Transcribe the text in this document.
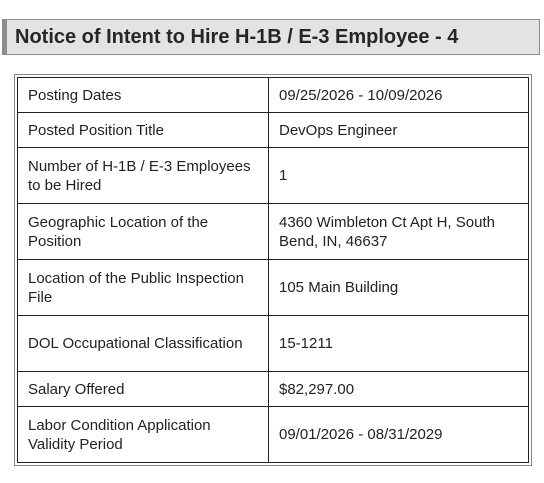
Notice of Intent to Hire H-1B / E-3 Employee - 4
Posting Dates	09/25/2026 - 10/09/2026
Posted Position Title	DevOps Engineer
Number of H-1B / E-3 Employees to be Hired	1
Geographic Location of the Position	4360 Wimbleton Ct Apt H, South Bend, IN, 46637
Location of the Public Inspection File	105 Main Building
DOL Occupational Classification	15-1211
Salary Offered	$82,297.00
Labor Condition Application Validity Period	09/01/2026 - 08/31/2029
